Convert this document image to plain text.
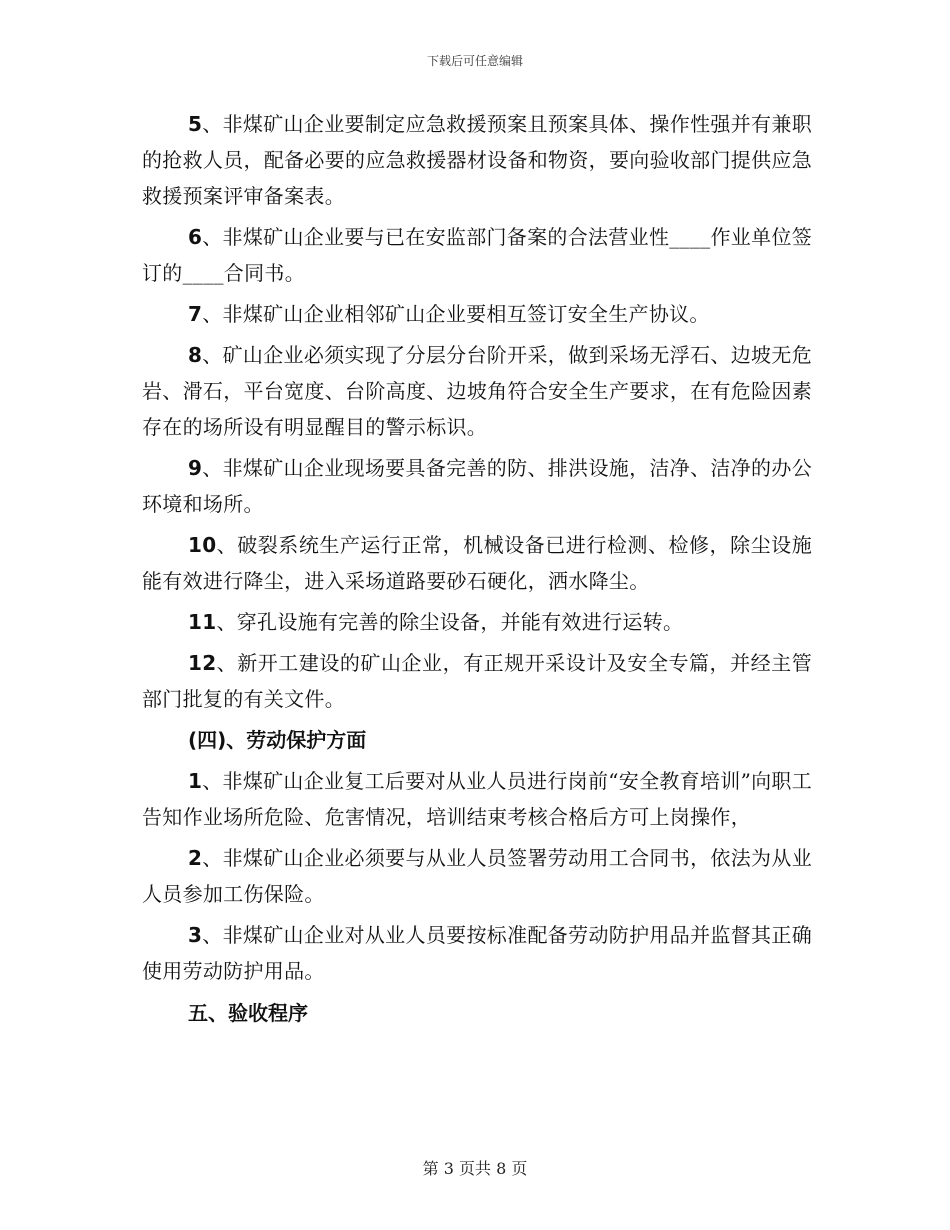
下载后可任意编辑

5、非煤矿山企业要制定应急救援预案且预案具体、操作性强并有兼职的抢救人员，配备必要的应急救援器材设备和物资，要向验收部门提供应急救援预案评审备案表。

6、非煤矿山企业要与已在安监部门备案的合法营业性____作业单位签订的____合同书。

7、非煤矿山企业相邻矿山企业要相互签订安全生产协议。

8、矿山企业必须实现了分层分台阶开采，做到采场无浮石、边坡无危岩、滑石，平台宽度、台阶高度、边坡角符合安全生产要求，在有危险因素存在的场所设有明显醒目的警示标识。

9、非煤矿山企业现场要具备完善的防、排洪设施，洁净、洁净的办公环境和场所。

10、破裂系统生产运行正常，机械设备已进行检测、检修，除尘设施能有效进行降尘，进入采场道路要砂石硬化，洒水降尘。

11、穿孔设施有完善的除尘设备，并能有效进行运转。

12、新开工建设的矿山企业，有正规开采设计及安全专篇，并经主管部门批复的有关文件。

(四)、劳动保护方面

1、非煤矿山企业复工后要对从业人员进行岗前“安全教育培训”向职工告知作业场所危险、危害情况，培训结束考核合格后方可上岗操作，

2、非煤矿山企业必须要与从业人员签署劳动用工合同书，依法为从业人员参加工伤保险。

3、非煤矿山企业对从业人员要按标准配备劳动防护用品并监督其正确使用劳动防护用品。

五、验收程序

第 3 页共 8 页
